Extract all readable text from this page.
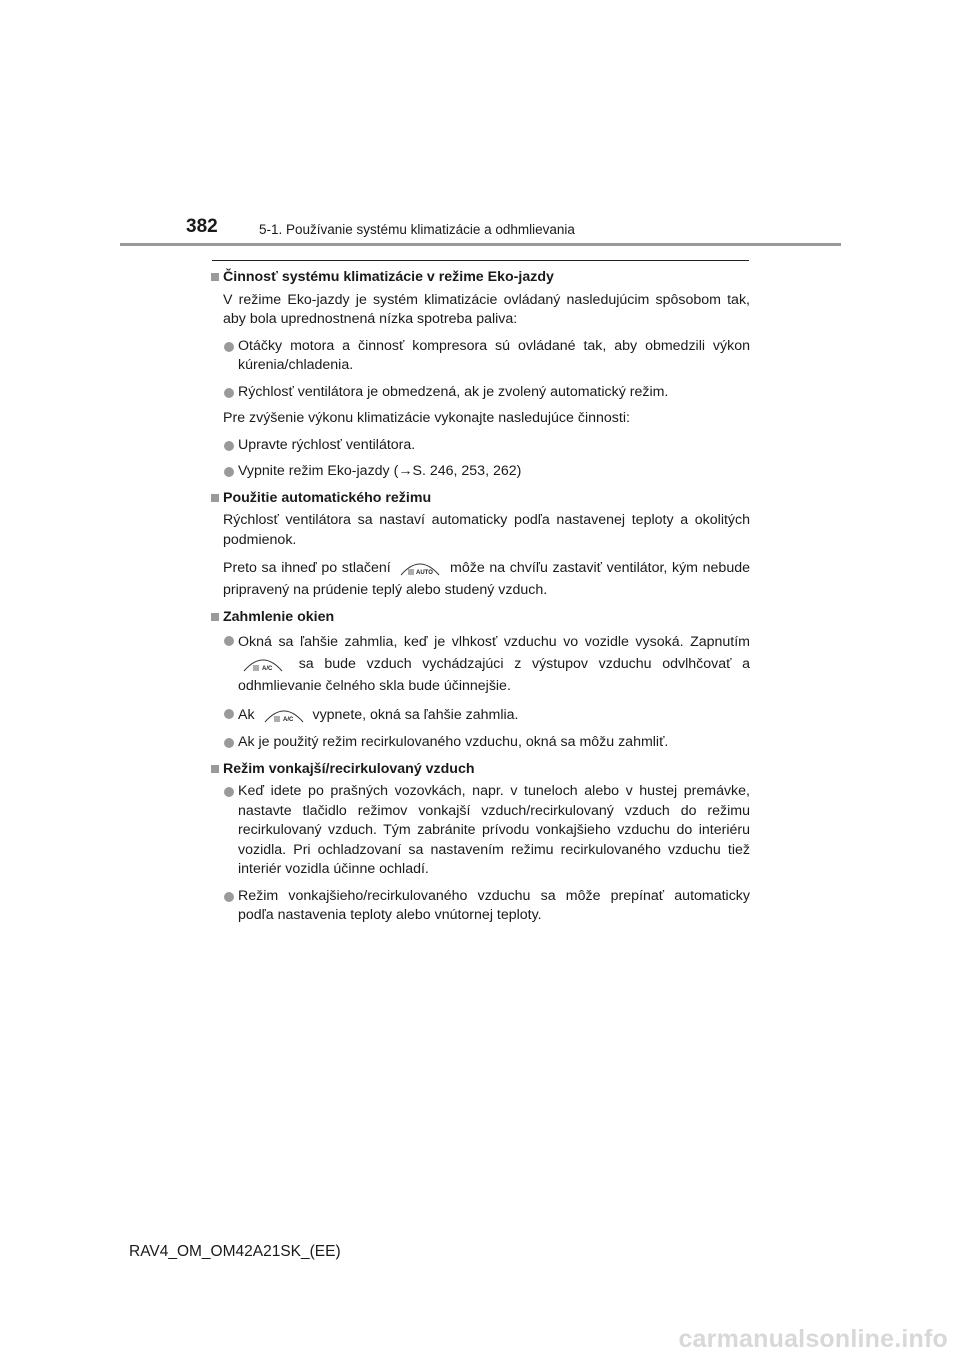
382	5-1. Používanie systému klimatizácie a odhmlievania
Činnosť systému klimatizácie v režime Eko-jazdy
V režime Eko-jazdy je systém klimatizácie ovládaný nasledujúcim spôsobom tak, aby bola uprednostnená nízka spotreba paliva:
Otáčky motora a činnosť kompresora sú ovládané tak, aby obmedzili výkon kúrenia/chladenia.
Rýchlosť ventilátora je obmedzená, ak je zvolený automatický režim.
Pre zvýšenie výkonu klimatizácie vykonajte nasledujúce činnosti:
Upravte rýchlosť ventilátora.
Vypnite režim Eko-jazdy (→S. 246, 253, 262)
Použitie automatického režimu
Rýchlosť ventilátora sa nastaví automaticky podľa nastavenej teploty a okolitých podmienok.
Preto sa ihneď po stlačení	AUTO môže na chvíľu zastaviť ventilátor, kým nebude pripravený na prúdenie teplý alebo studený vzduch.
Zahmlenie okien
Okná sa ľahšie zahmlia, keď je vlhkosť vzduchu vo vozidle vysoká. Zapnutím
A/C sa bude vzduch vychádzajúci z výstupov vzduchu odvlhčovať a odhmlievanie čelného skla bude účinnejšie.
Ak	A/C vypnete, okná sa ľahšie zahmlia.
Ak je použitý režim recirkulovaného vzduchu, okná sa môžu zahmliť.
Režim vonkajší/recirkulovaný vzduch
Keď idete po prašných vozovkách, napr. v tuneloch alebo v hustej premávke, nastavte tlačidlo režimov vonkajší vzduch/recirkulovaný vzduch do režimu recirkulovaný vzduch. Tým zabránite prívodu vonkajšieho vzduchu do interiéru vozidla. Pri ochladzovaní sa nastavením režimu recirkulovaného vzduchu tiež interiér vozidla účinne ochladí.
Režim vonkajšieho/recirkulovaného vzduchu sa môže prepínať automaticky podľa nastavenia teploty alebo vnútornej teploty.
RAV4_OM_OM42A21SK_(EE)
carmanualsonline.info
